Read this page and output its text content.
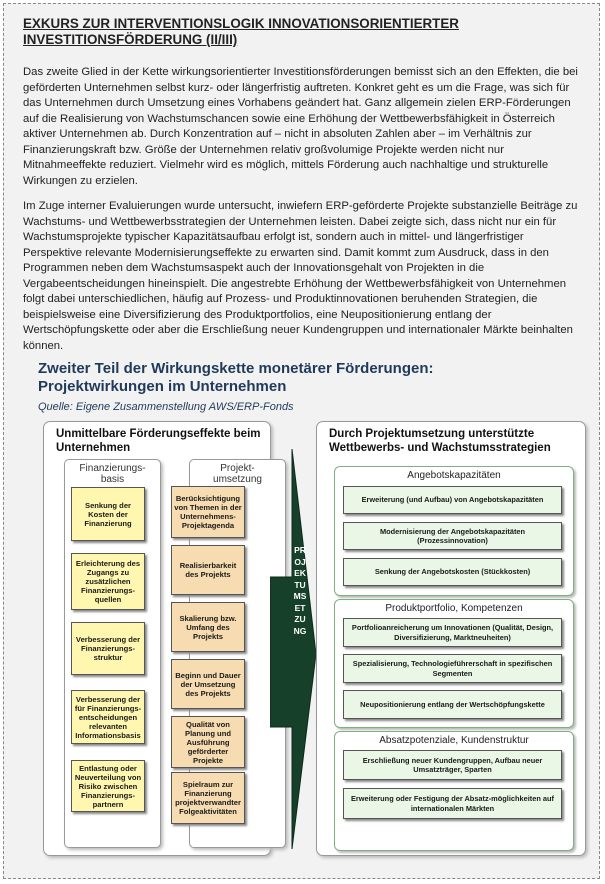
EXKURS ZUR INTERVENTIONSLOGIK INNOVATIONSORIENTIERTER
INVESTITIONSFÖRDERUNG (II/III)
Das zweite Glied in der Kette wirkungsorientierter Investitionsförderungen bemisst sich an den Effekten, die bei geförderten Unternehmen selbst kurz- oder längerfristig auftreten. Konkret geht es um die Frage, was sich für das Unternehmen durch Umsetzung eines Vorhabens geändert hat. Ganz allgemein zielen ERP-Förderungen auf die Realisierung von Wachstumschancen sowie eine Erhöhung der Wettbewerbsfähigkeit in Österreich aktiver Unternehmen ab. Durch Konzentration auf – nicht in absoluten Zahlen aber – im Verhältnis zur Finanzierungskraft bzw. Größe der Unternehmen relativ großvolumige Projekte werden nicht nur Mitnahmeeffekte reduziert. Vielmehr wird es möglich, mittels Förderung auch nachhaltige und strukturelle Wirkungen zu erzielen.
Im Zuge interner Evaluierungen wurde untersucht, inwiefern ERP-geförderte Projekte substanzielle Beiträge zu Wachstums- und Wettbewerbsstrategien der Unternehmen leisten. Dabei zeigte sich, dass nicht nur ein für Wachstumsprojekte typischer Kapazitätsaufbau erfolgt ist, sondern auch in mittel- und längerfristiger Perspektive relevante Modernisierungseffekte zu erwarten sind. Damit kommt zum Ausdruck, dass in den Programmen neben dem Wachstumsaspekt auch der Innovationsgehalt von Projekten in die Vergabeentscheidungen hineinspielt. Die angestrebte Erhöhung der Wettbewerbsfähigkeit von Unternehmen folgt dabei unterschiedlichen, häufig auf Prozess- und Produktinnovationen beruhenden Strategien, die beispielsweise eine Diversifizierung des Produktportfolios, eine Neupositionierung entlang der Wertschöpfungskette oder aber die Erschließung neuer Kundengruppen und internationaler Märkte beinhalten können.
Zweiter Teil der Wirkungskette monetärer Förderungen:
Projektwirkungen im Unternehmen
Quelle: Eigene Zusammenstellung AWS/ERP-Fonds
Unmittelbare Förderungseffekte beim Unternehmen
Finanzierungs-
basis
Projekt-
umsetzung
Senkung der Kosten der Finanzierung
Erleichterung des Zugangs zu zusätzlichen Finanzierungs-quellen
Verbesserung der Finanzierungs-struktur
Verbesserung der für Finanzierungs-entscheidungen relevanten Informationsbasis
Entlastung oder Neuverteilung von Risiko zwischen Finanzierungs-partnern
Berücksichtigung von Themen in der Unternehmens-Projektagenda
Realisierbarkeit des Projekts
Skalierung bzw. Umfang des Projekts
Beginn und Dauer der Umsetzung des Projekts
Qualität von Planung und Ausführung geförderter Projekte
Spielraum zur Finanzierung projektverwandter Folgeaktivitäten
PROJEKTUMSETZUNG
Durch Projektumsetzung unterstützte Wettbewerbs- und Wachstumsstrategien
Angebotskapazitäten
Erweiterung (und Aufbau) von Angebotskapazitäten
Modernisierung der Angebotskapazitäten (Prozessinnovation)
Senkung der Angebotskosten (Stückkosten)
Produktportfolio, Kompetenzen
Portfolioanreicherung um Innovationen (Qualität, Design, Diversifizierung, Marktneuheiten)
Spezialisierung, Technologieführerschaft in spezifischen Segmenten
Neupositionierung entlang der Wertschöpfungskette
Absatzpotenziale, Kundenstruktur
Erschließung neuer Kundengruppen, Aufbau neuer Umsatzträger, Sparten
Erweiterung oder Festigung der Absatz-möglichkeiten auf internationalen Märkten
